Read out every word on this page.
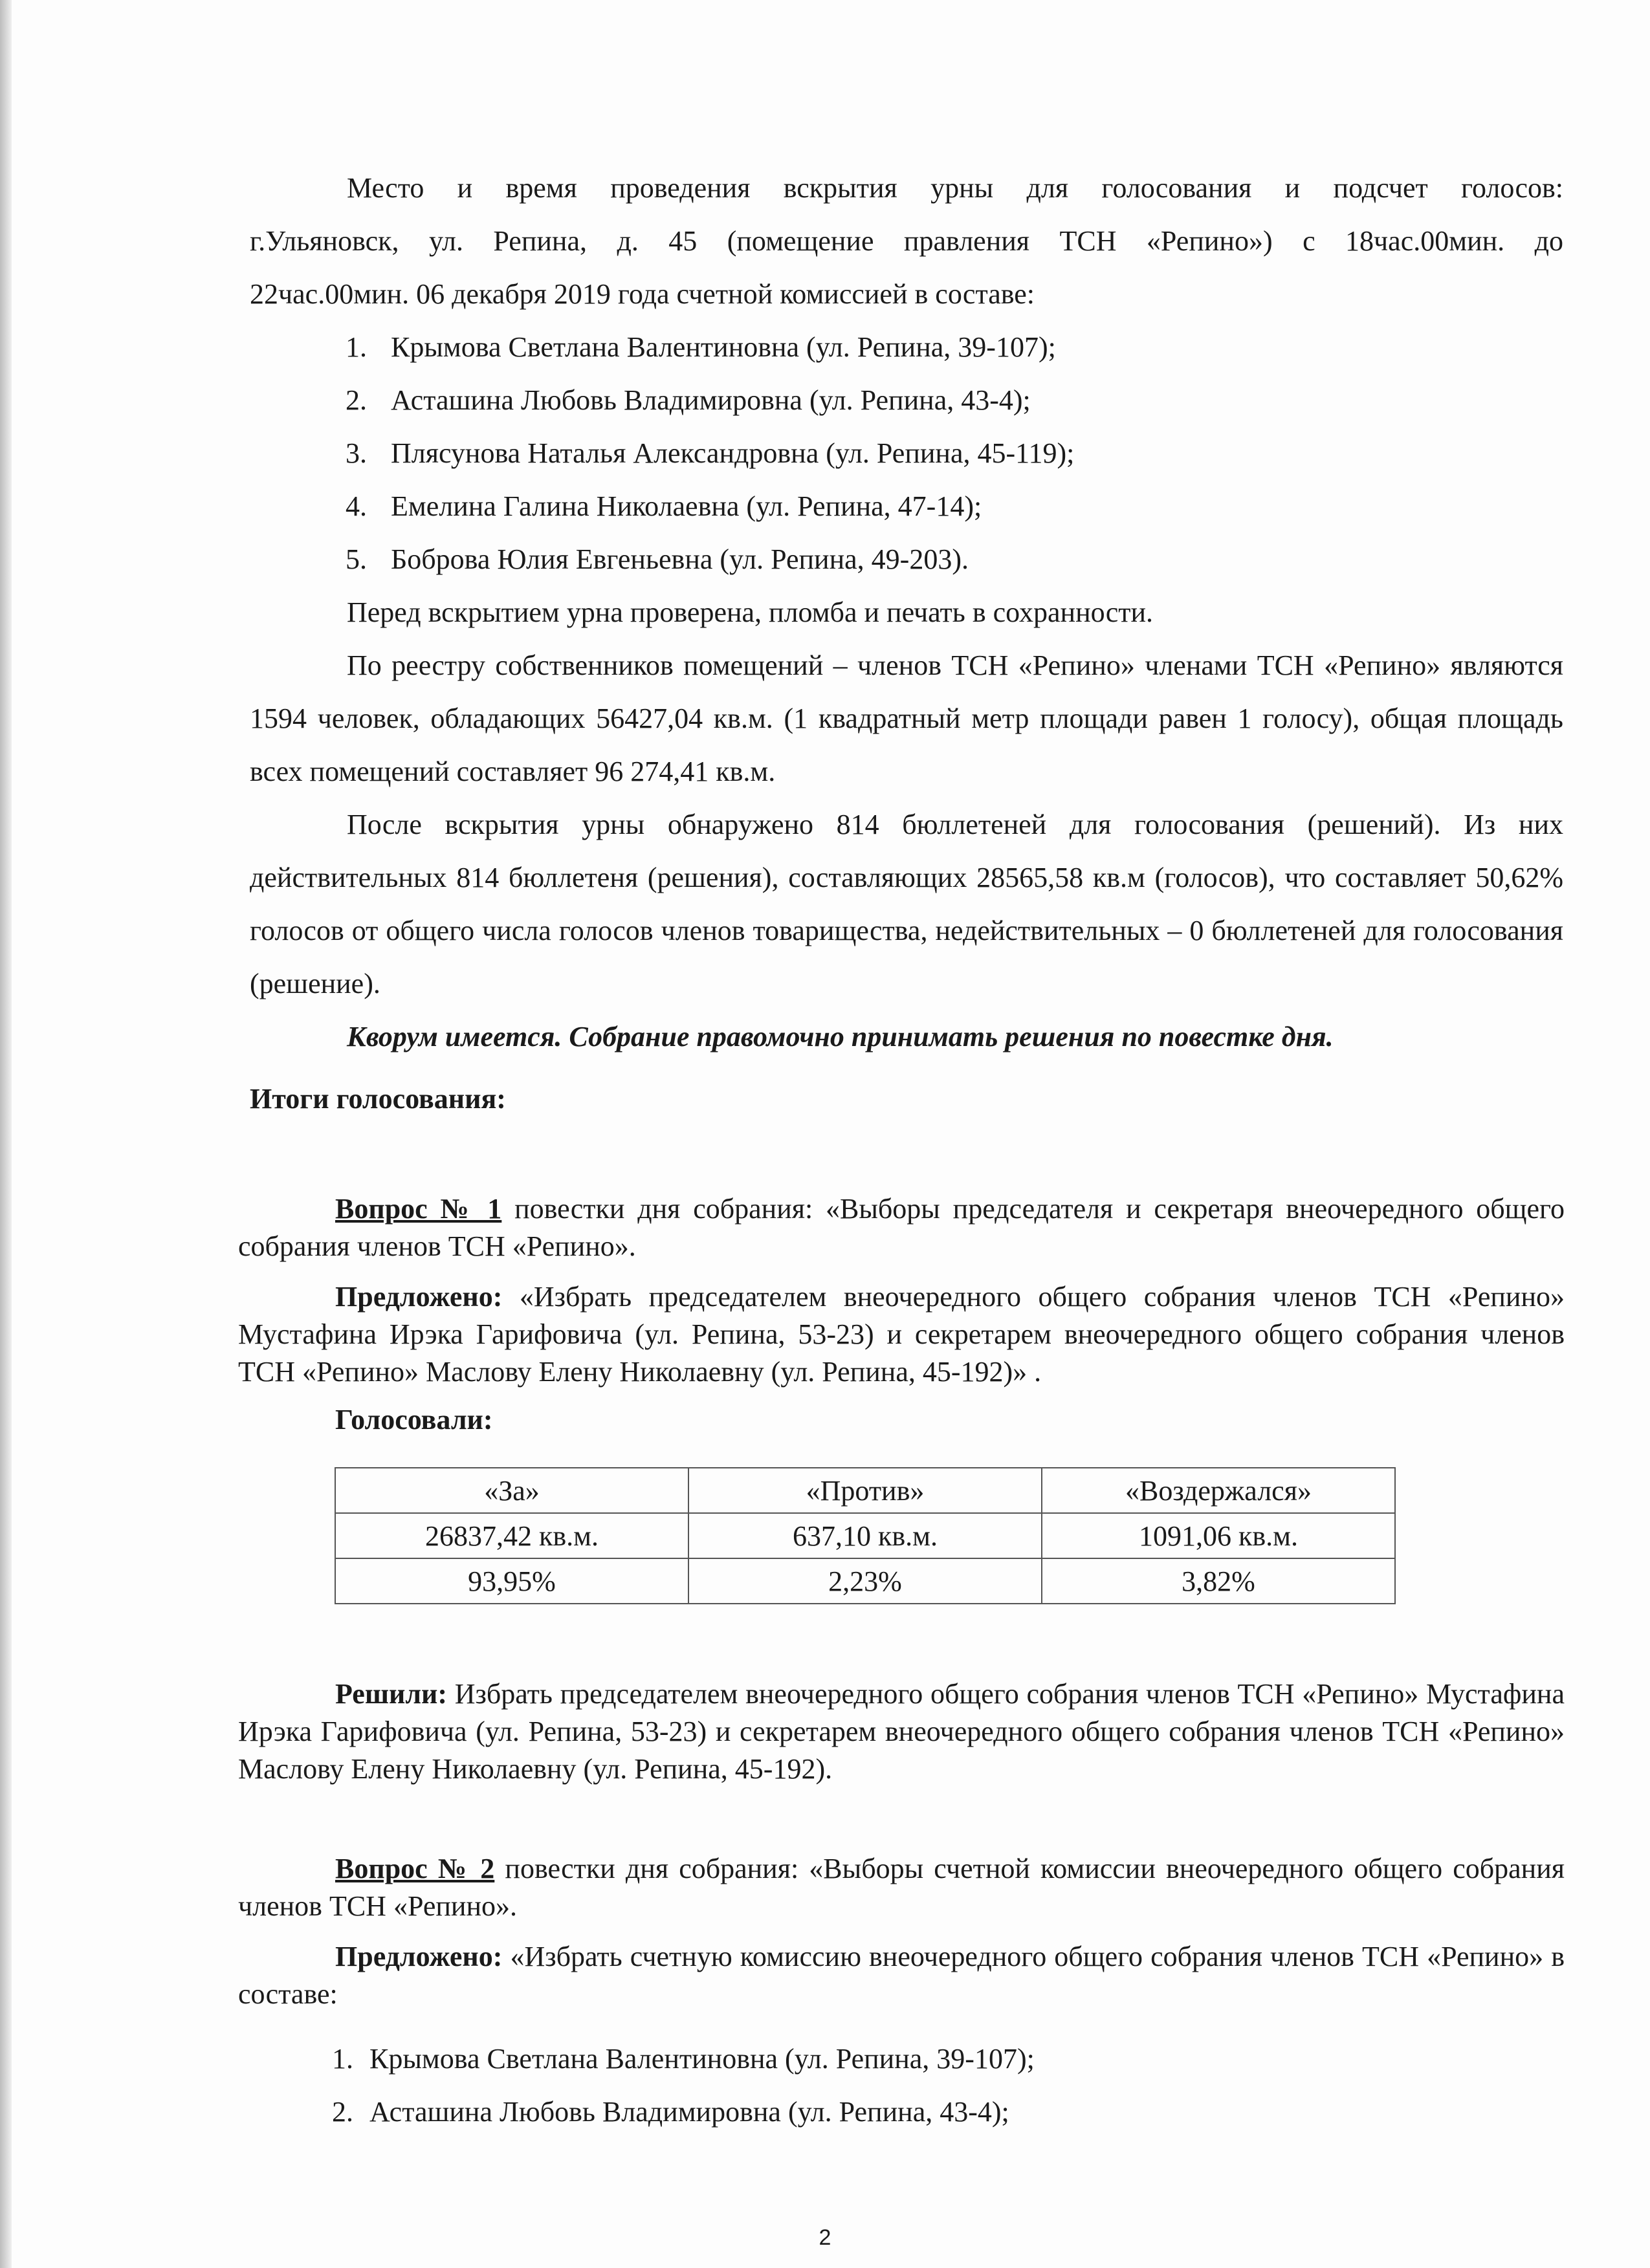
Место и время проведения вскрытия урны для голосования и подсчет голосов:

г.Ульяновск, ул. Репина, д. 45 (помещение правления ТСН «Репино») с 18час.00мин. до

22час.00мин. 06 декабря 2019 года счетной комиссией в составе:

1. Крымова Светлана Валентиновна (ул. Репина, 39-107);
2. Асташина Любовь Владимировна (ул. Репина, 43-4);
3. Плясунова Наталья Александровна (ул. Репина, 45-119);
4. Емелина Галина Николаевна (ул. Репина, 47-14);
5. Боброва Юлия Евгеньевна (ул. Репина, 49-203).

Перед вскрытием урна проверена, пломба и печать в сохранности.

По реестру собственников помещений – членов ТСН «Репино» членами ТСН «Репино» являются 1594 человек, обладающих 56427,04 кв.м. (1 квадратный метр площади равен 1 голосу), общая площадь всех помещений составляет 96 274,41 кв.м.

После вскрытия урны обнаружено 814 бюллетеней для голосования (решений). Из них действительных 814 бюллетеня (решения), составляющих 28565,58 кв.м (голосов), что составляет 50,62% голосов от общего числа голосов членов товарищества, недействительных – 0 бюллетеней для голосования (решение).

Кворум имеется. Собрание правомочно принимать решения по повестке дня.

Итоги голосования:

Вопрос № 1 повестки дня собрания: «Выборы председателя и секретаря внеочередного общего собрания членов ТСН «Репино».

Предложено: «Избрать председателем внеочередного общего собрания членов ТСН «Репино» Мустафина Ирэка Гарифовича (ул. Репина, 53-23) и секретарем внеочередного общего собрания членов ТСН «Репино» Маслову Елену Николаевну (ул. Репина, 45-192)» .

Голосовали:

«За»	«Против»	«Воздержался»
26837,42 кв.м.	637,10 кв.м.	1091,06 кв.м.
93,95%	2,23%	3,82%

Решили: Избрать председателем внеочередного общего собрания членов ТСН «Репино» Мустафина Ирэка Гарифовича (ул. Репина, 53-23) и секретарем внеочередного общего собрания членов ТСН «Репино» Маслову Елену Николаевну (ул. Репина, 45-192).

Вопрос № 2 повестки дня собрания: «Выборы счетной комиссии внеочередного общего собрания членов ТСН «Репино».

Предложено: «Избрать счетную комиссию внеочередного общего собрания членов ТСН «Репино» в составе:

1. Крымова Светлана Валентиновна (ул. Репина, 39-107);
2. Асташина Любовь Владимировна (ул. Репина, 43-4);
2
